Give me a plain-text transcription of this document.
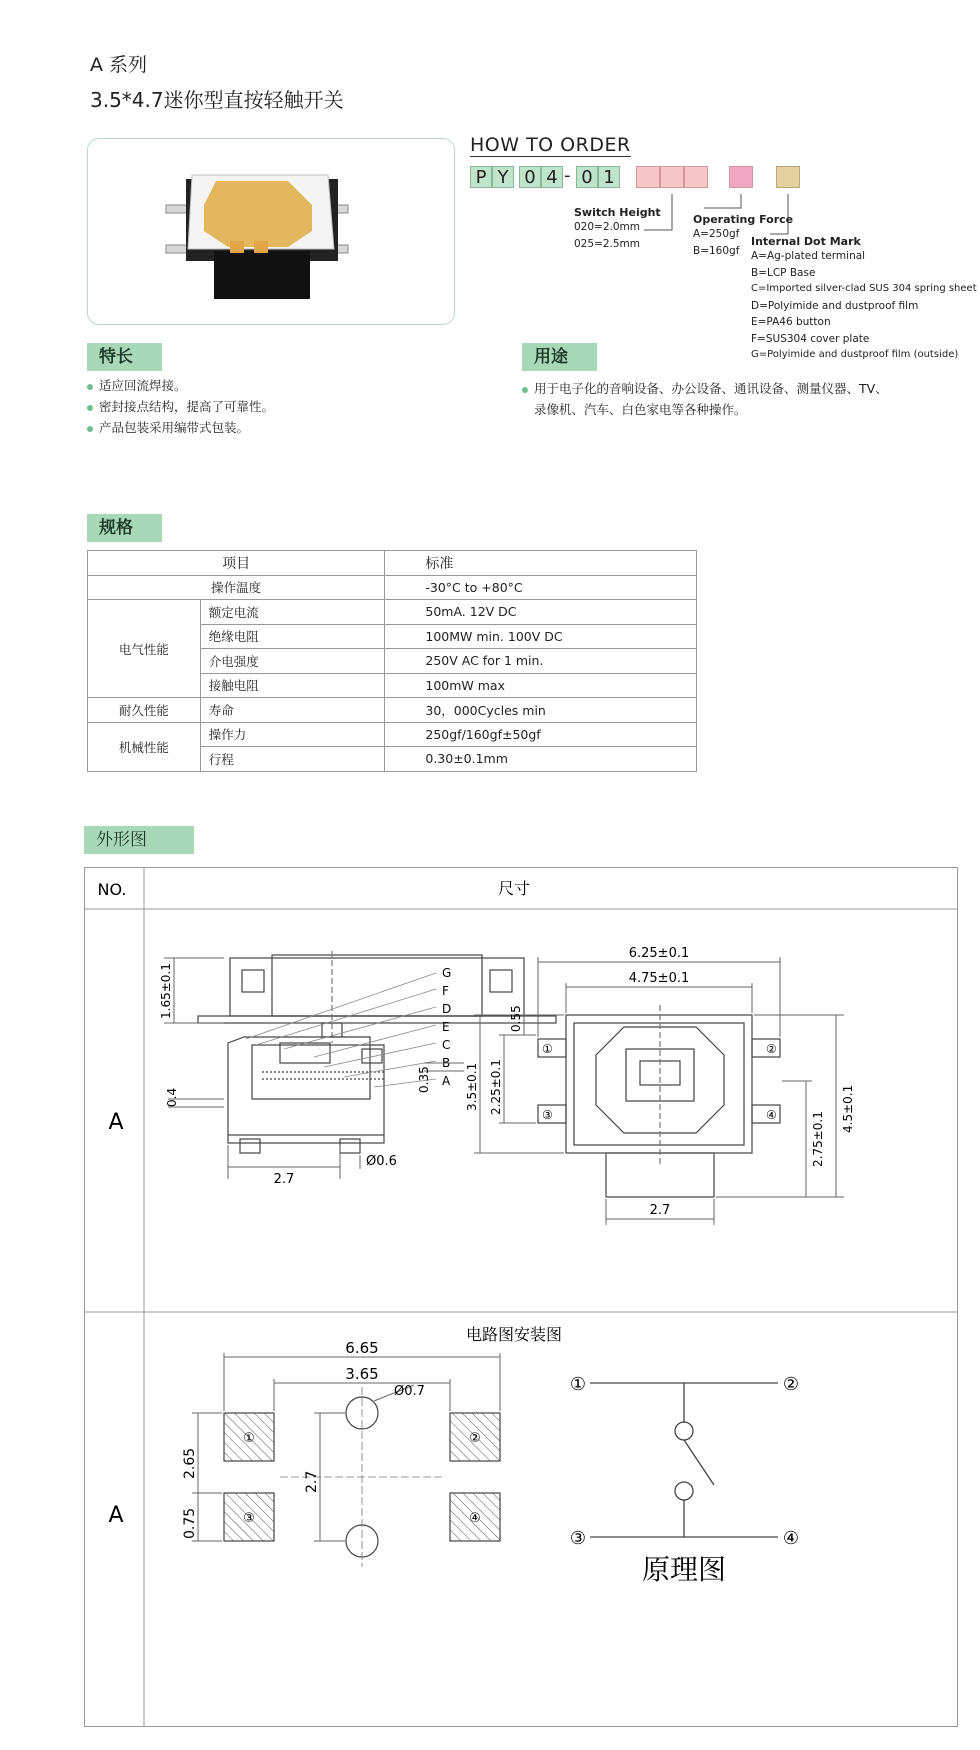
A 系列
3.5*4.7迷你型直按轻触开关
HOW TO ORDER
P Y 0 4 - 0 1
Switch Height
020=2.0mm
025=2.5mm
Operating Force
A=250gf
B=160gf
Internal Dot Mark
A=Ag-plated terminal
B=LCP Base
C=Imported silver-clad SUS 304 spring sheet
D=Polyimide and dustproof film
E=PA46 button
F=SUS304 cover plate
G=Polyimide and dustproof film (outside)
特长
适应回流焊接。
密封接点结构，提高了可靠性。
产品包装采用编带式包装。
用途
用于电子化的音响设备、办公设备、通讯设备、测量仪器、TV、
录像机、汽车、白色家电等各种操作。
规格
项目		标准
操作温度		-30°C to +80°C
电气性能	额定电流	50mA. 12V DC
	绝缘电阻	100MW min. 100V DC
	介电强度	250V AC for 1 min.
	接触电阻	100mW max
耐久性能	寿命	30，000Cycles min
机械性能	操作力	250gf/160gf±50gf
	行程	0.30±0.1mm
外形图
NO.	尺寸
A
A
电路图安装图
1.65±0.1	G
F
D
E
C
B
A
0.4
0.35
2.7
Ø0.6
①	②
③	④
6.25±0.1
4.75±0.1
0.55
3.5±0.1 2.25±0.1	4.5±0.1
2.75±0.1
2.7
①	②
③	④
6.65
3.65
Ø0.7
2.65
2.7
0.75
①	②
③	④
原理图
